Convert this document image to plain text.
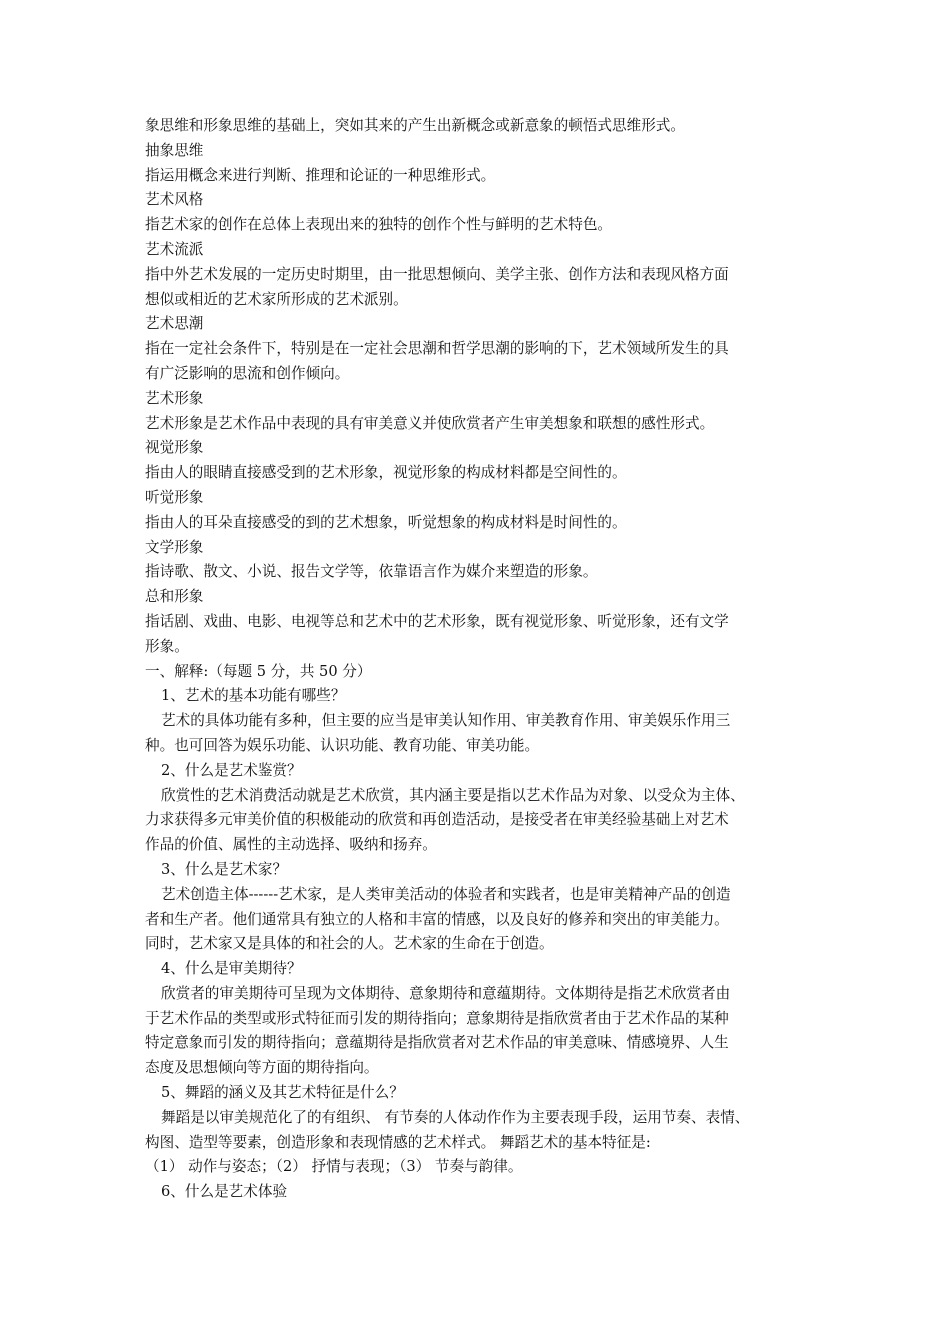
象思维和形象思维的基础上，突如其来的产生出新概念或新意象的顿悟式思维形式。
抽象思维
指运用概念来进行判断、推理和论证的一种思维形式。
艺术风格
指艺术家的创作在总体上表现出来的独特的创作个性与鲜明的艺术特色。
艺术流派
指中外艺术发展的一定历史时期里，由一批思想倾向、美学主张、创作方法和表现风格方面
想似或相近的艺术家所形成的艺术派别。
艺术思潮
指在一定社会条件下，特别是在一定社会思潮和哲学思潮的影响的下，艺术领域所发生的具
有广泛影响的思流和创作倾向。
艺术形象
艺术形象是艺术作品中表现的具有审美意义并使欣赏者产生审美想象和联想的感性形式。
视觉形象
指由人的眼睛直接感受到的艺术形象，视觉形象的构成材料都是空间性的。
听觉形象
指由人的耳朵直接感受的到的艺术想象，听觉想象的构成材料是时间性的。
文学形象
指诗歌、散文、小说、报告文学等，依靠语言作为媒介来塑造的形象。
总和形象
指话剧、戏曲、电影、电视等总和艺术中的艺术形象，既有视觉形象、听觉形象，还有文学
形象。
一、解释:（每题 5 分，共 50 分）
1、艺术的基本功能有哪些？
艺术的具体功能有多种，但主要的应当是审美认知作用、审美教育作用、审美娱乐作用三
种。也可回答为娱乐功能、认识功能、教育功能、审美功能。
2、什么是艺术鉴赏？
欣赏性的艺术消费活动就是艺术欣赏，其内涵主要是指以艺术作品为对象、以受众为主体、
力求获得多元审美价值的积极能动的欣赏和再创造活动，是接受者在审美经验基础上对艺术
作品的价值、属性的主动选择、吸纳和扬弃。
3、什么是艺术家？
艺术创造主体------艺术家，是人类审美活动的体验者和实践者，也是审美精神产品的创造
者和生产者。他们通常具有独立的人格和丰富的情感，以及良好的修养和突出的审美能力。
同时，艺术家又是具体的和社会的人。艺术家的生命在于创造。
4、什么是审美期待？
欣赏者的审美期待可呈现为文体期待、意象期待和意蕴期待。文体期待是指艺术欣赏者由
于艺术作品的类型或形式特征而引发的期待指向；意象期待是指欣赏者由于艺术作品的某种
特定意象而引发的期待指向；意蕴期待是指欣赏者对艺术作品的审美意味、情感境界、人生
态度及思想倾向等方面的期待指向。
5、舞蹈的涵义及其艺术特征是什么？
舞蹈是以审美规范化了的有组织、 有节奏的人体动作作为主要表现手段，运用节奏、表情、
构图、造型等要素，创造形象和表现情感的艺术样式。 舞蹈艺术的基本特征是:
（1） 动作与姿态；（2） 抒情与表现；（3） 节奏与韵律。
6、什么是艺术体验
